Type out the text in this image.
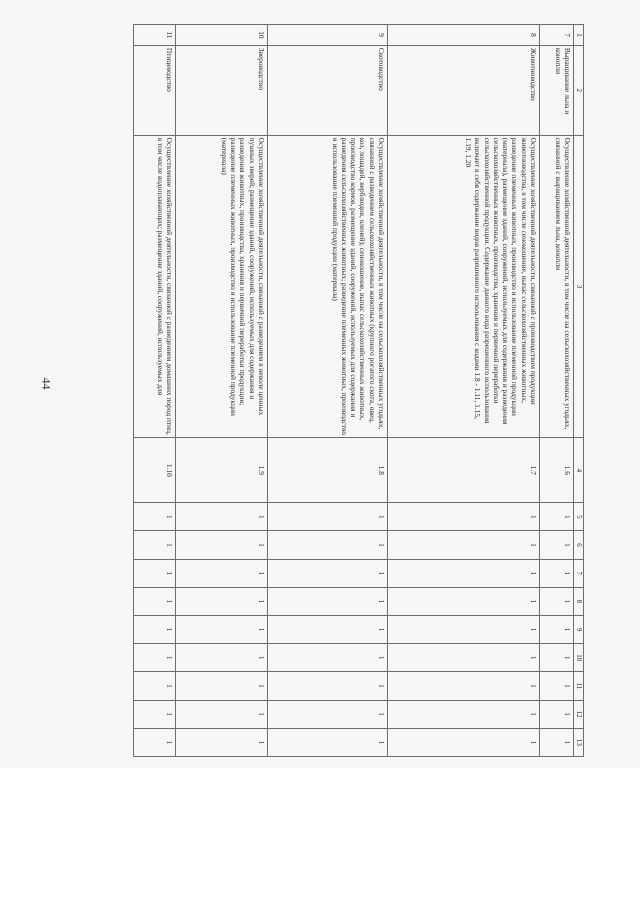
44
1	2	3	4	5	6	7	8	9	10	11	12	13
7	Выращивание льна и конопли	Осуществление хозяйственной деятельности, в том числе на сельскохозяйственных угодьях, связанной с выращиванием льна, конопли	1.6	1	1	1	1	1	1	1	1	1
8	Животноводство	Осуществление хозяйственной деятельности, связанной с производством продукции животноводства, в том числе сенокошение, выпас сельскохозяйственных животных, разведение племенных животных, производство и использование племенной продукции (материала), размещение зданий, сооружений, используемых для содержания и разведения сельскохозяйственных животных, производства, хранения и первичной переработки сельскохозяйственной продукции. Содержание данного вида разрешенного использования включает в себя содержание видов разрешенного использования с кодами 1.8 - 1.11, 1.15, 1.19, 1.20	1.7	1	1	1	1	1	1	1	1	1
9	Скотоводство	Осуществление хозяйственной деятельности, в том числе на сельскохозяйственных угодьях, связанной с разведением сельскохозяйственных животных (крупного рогатого скота, овец, коз, лошадей, верблюдов, оленей); сенокошение, выпас сельскохозяйственных животных, производство кормов, размещение зданий, сооружений, используемых для содержания и разведения сельскохозяйственных животных; разведение племенных животных, производство и использование племенной продукции (материала)	1.8	1	1	1	1	1	1	1	1	1
10	Звероводство	Осуществление хозяйственной деятельности, связанной с разведением в неволе ценных пушных зверей; размещение зданий, сооружений, используемых для содержания и разведения животных, производства, хранения и первичной переработки продукции; разведение племенных животных, производство и использование племенной продукции (материала)	1.9	1	1	1	1	1	1	1	1	1
11	Птицеводство	Осуществление хозяйственной деятельности, связанной с разведением домашних пород птиц, в том числе водоплавающих; размещение зданий, сооружений, используемых для	1.10	1	1	1	1	1	1	1	1	1
